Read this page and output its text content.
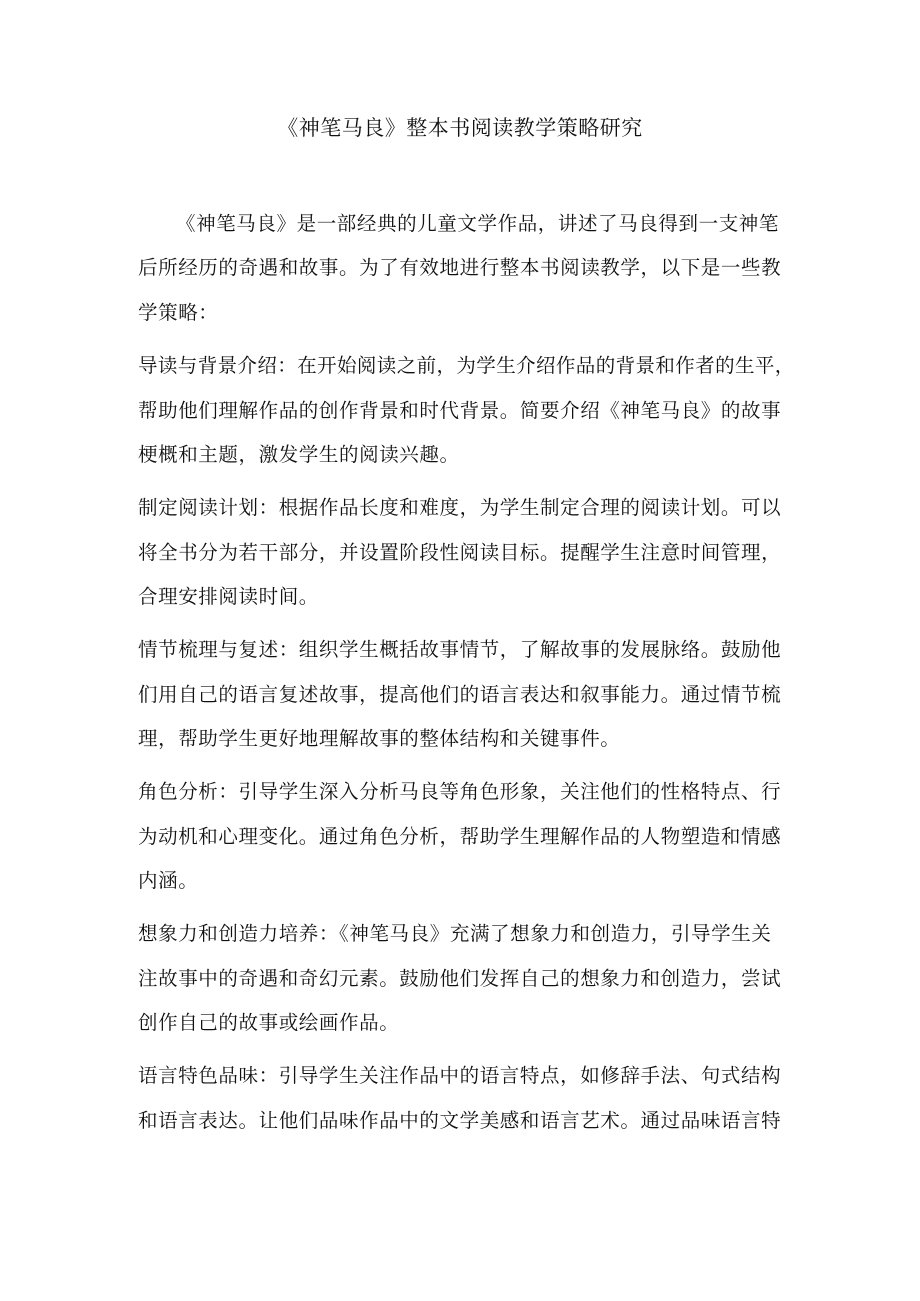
《神笔马良》整本书阅读教学策略研究
《神笔马良》是一部经典的儿童文学作品，讲述了马良得到一支神笔
后所经历的奇遇和故事。为了有效地进行整本书阅读教学，以下是一些教
学策略：
导读与背景介绍：在开始阅读之前，为学生介绍作品的背景和作者的生平，
帮助他们理解作品的创作背景和时代背景。简要介绍《神笔马良》的故事
梗概和主题，激发学生的阅读兴趣。
制定阅读计划：根据作品长度和难度，为学生制定合理的阅读计划。可以
将全书分为若干部分，并设置阶段性阅读目标。提醒学生注意时间管理，
合理安排阅读时间。
情节梳理与复述：组织学生概括故事情节，了解故事的发展脉络。鼓励他
们用自己的语言复述故事，提高他们的语言表达和叙事能力。通过情节梳
理，帮助学生更好地理解故事的整体结构和关键事件。
角色分析：引导学生深入分析马良等角色形象，关注他们的性格特点、行
为动机和心理变化。通过角色分析，帮助学生理解作品的人物塑造和情感
内涵。
想象力和创造力培养：《神笔马良》充满了想象力和创造力，引导学生关
注故事中的奇遇和奇幻元素。鼓励他们发挥自己的想象力和创造力，尝试
创作自己的故事或绘画作品。
语言特色品味：引导学生关注作品中的语言特点，如修辞手法、句式结构
和语言表达。让他们品味作品中的文学美感和语言艺术。通过品味语言特
